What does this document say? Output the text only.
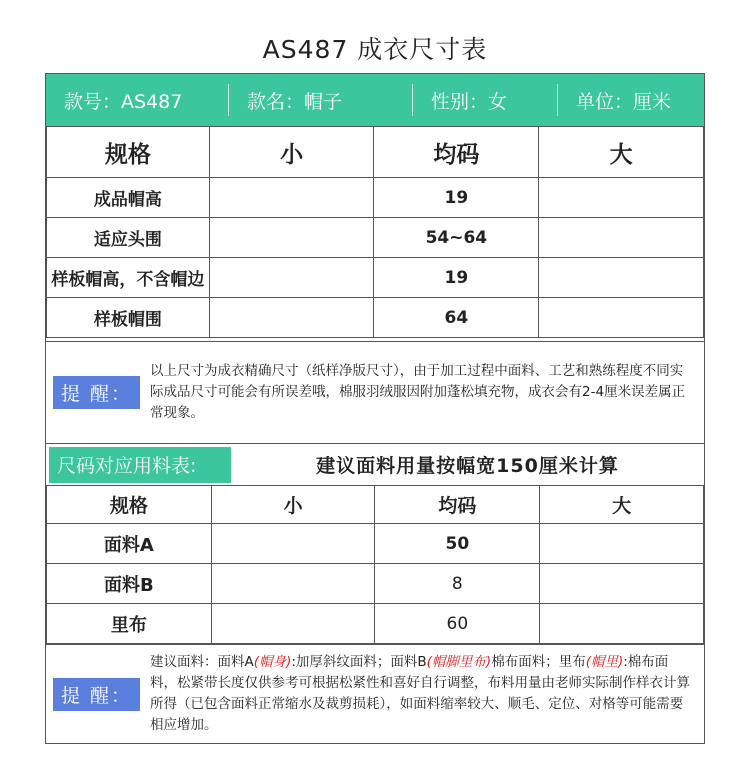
AS487 成衣尺寸表
款号：AS487	款名：帽子	性别：女	单位：厘米
规格	小	均码	大
成品帽高		19	
适应头围		54~64	
样板帽高，不含帽边		19	
样板帽围		64	
提 醒：
以上尺寸为成衣精确尺寸（纸样净版尺寸），由于加工过程中面料、工艺和熟练程度不同实际成品尺寸可能会有所误差哦，棉服羽绒服因附加蓬松填充物，成衣会有2-4厘米误差属正常现象。
尺码对应用料表:	建议面料用量按幅宽150厘米计算
规格	小	均码	大
面料A		50	
面料B		8	
里布		60	
提 醒：
建议面料：面料A(帽身):加厚斜纹面料；面料B(帽脚里布)棉布面料；里布(帽里):棉布面料，松紧带长度仅供参考可根据松紧性和喜好自行调整，布料用量由老师实际制作样衣计算所得（已包含面料正常缩水及裁剪损耗），如面料缩率较大、顺毛、定位、对格等可能需要相应增加。
